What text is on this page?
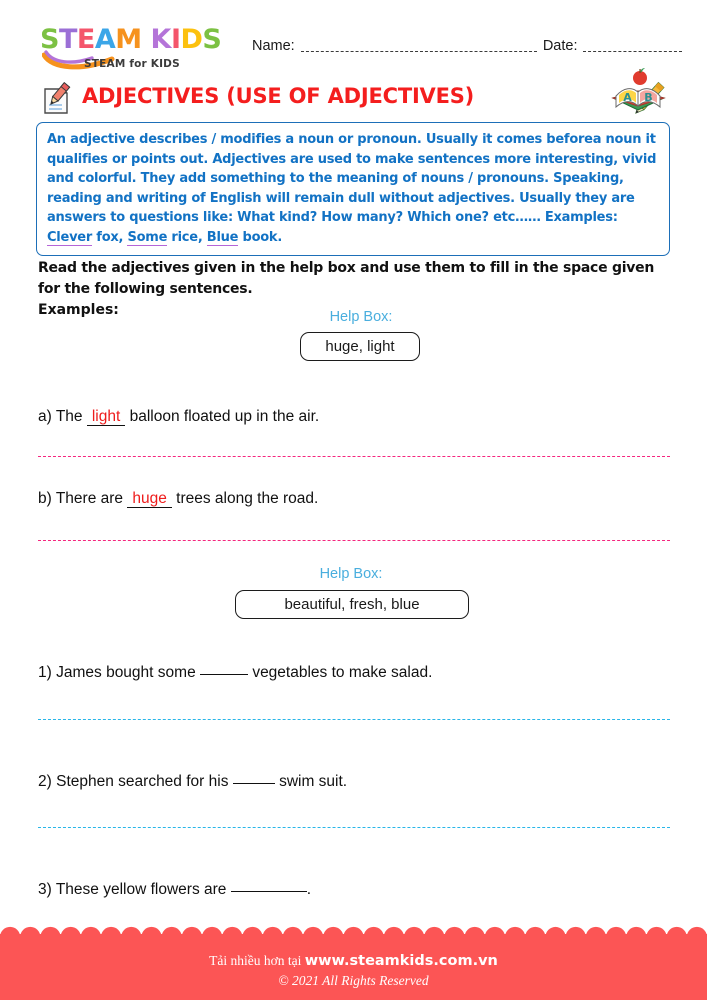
STEAM KIDS
STEAM for KIDS
Name:	Date:
ADJECTIVES (USE OF ADJECTIVES)	A B
An adjective describes / modifies a noun or pronoun. Usually it comes beforea noun it qualifies or points out. Adjectives are used to make sentences more interesting, vivid and colorful. They add something to the meaning of nouns / pronouns. Speaking, reading and writing of English will remain dull without adjectives. Usually they are answers to questions like: What kind? How many? Which one? etc…… Examples: Clever fox, Some rice, Blue book.
Read the adjectives given in the help box and use them to fill in the space given for the following sentences.
Examples:	Help Box:
huge, light
a) The light balloon floated up in the air.
b) There are huge trees along the road.
Help Box:
beautiful, fresh, blue
1) James bought some	vegetables to make salad.
2) Stephen searched for his	swim suit.
3) These yellow flowers are	.
Tải nhiều hơn tại www.steamkids.com.vn
© 2021 All Rights Reserved
